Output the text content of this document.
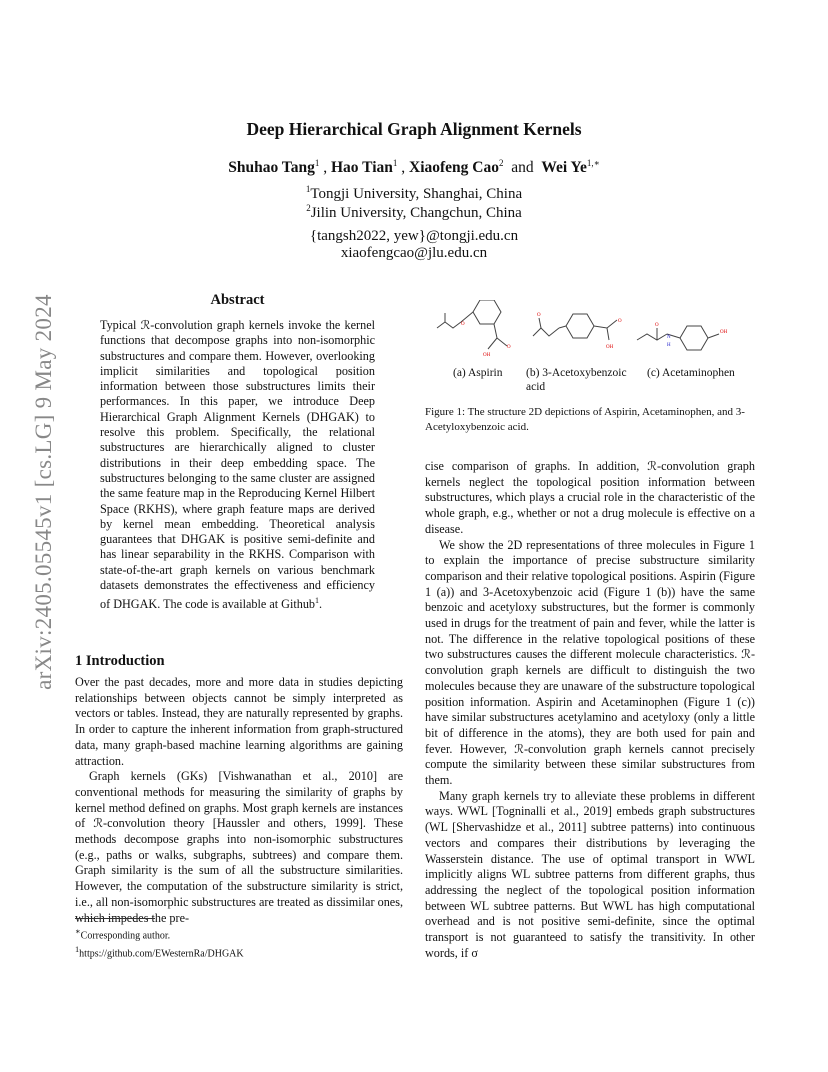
arXiv:2405.05545v1 [cs.LG] 9 May 2024
Deep Hierarchical Graph Alignment Kernels
Shuhao Tang$^1$ , Hao Tian$^1$ , Xiaofeng Cao$^2$ and Wei $Ye^{1,∗}$
$^1$Tongji University, Shanghai, China
$^2$Jilin University, Changchun, China
{tangsh2022, yew}@tongji.edu.cn
xiaofengcao@jlu.edu.cn
Abstract
Typical ℛ-convolution graph kernels invoke the kernel functions that decompose graphs into non-isomorphic substructures and compare them. However, overlooking implicit similarities and topological position information between those substructures limits their performances. In this paper, we introduce Deep Hierarchical Graph Alignment Kernels (DHGAK) to resolve this problem. Specifically, the relational substructures are hierarchically aligned to cluster distributions in their deep embedding space. The substructures belonging to the same cluster are assigned the same feature map in the Reproducing Kernel Hilbert Space (RKHS), where graph feature maps are derived by kernel mean embedding. Theoretical analysis guarantees that DHGAK is positive semi-definite and has linear separability in the RKHS. Comparison with state-of-the-art graph kernels on various benchmark datasets demonstrates the effectiveness and efficiency of DHGAK. The code is available at Github$^1$.
1 Introduction

Over the past decades, more and more data in studies depicting relationships between objects cannot be simply interpreted as vectors or tables. Instead, they are naturally represented by graphs. In order to capture the inherent information from graph-structured data, many graph-based machine learning algorithms are gaining attraction.

Graph kernels (GKs) [Vishwanathan et al., 2010] are conventional methods for measuring the similarity of graphs by kernel method defined on graphs. Most graph kernels are instances of ℛ-convolution theory [Haussler and others, 1999]. These methods decompose graphs into non-isomorphic substructures (e.g., paths or walks, subgraphs, subtrees) and compare them. Graph similarity is the sum of all the substructure similarities. However, the computation of the substructure similarity is strict, i.e., all non-isomorphic substructures are treated as dissimilar ones, which impedes the pre-

∗Corresponding author.
$^1$https://github.com/EWesternRa/DHGAK
O
O
OH
O
O
OH
O
H
N
OH
(a) Aspirin (b) 3-Acetoxybenzoic acid
(c) Acetaminophen
Figure 1: The structure 2D depictions of Aspirin, Acetaminophen, and 3-Acetyloxybenzoic acid.

cise comparison of graphs. In addition, ℛ-convolution graph kernels neglect the topological position information between substructures, which plays a crucial role in the characteristic of the whole graph, e.g., whether or not a drug molecule is effective on a disease.

We show the 2D representations of three molecules in Figure 1 to explain the importance of precise substructure similarity comparison and their relative topological positions. Aspirin (Figure 1 (a)) and 3-Acetoxybenzoic acid (Figure 1 (b)) have the same benzoic and acetyloxy substructures, but the former is commonly used in drugs for the treatment of pain and fever, while the latter is not. The difference in the relative topological positions of these two substructures causes the different molecule characteristics. ℛ-convolution graph kernels are difficult to distinguish the two molecules because they are unaware of the substructure topological position information. Aspirin and Acetaminophen (Figure 1 (c)) have similar substructures acetylamino and acetyloxy (only a little bit of difference in the atoms), they are both used for pain and fever. However, ℛ-convolution graph kernels cannot precisely compute the similarity between these similar substructures from them.

Many graph kernels try to alleviate these problems in different ways. WWL [Togninalli et al., 2019] embeds graph substructures (WL [Shervashidze et al., 2011] subtree patterns) into continuous vectors and compares their distributions by leveraging the Wasserstein distance. The use of optimal transport in WWL implicitly aligns WL subtree patterns from different graphs, thus addressing the neglect of the topological position information between WL subtree patterns. But WWL has high computational overhead and is not positive semi-definite, since the optimal transport is not guaranteed to satisfy the transitivity. In other words, if σ
